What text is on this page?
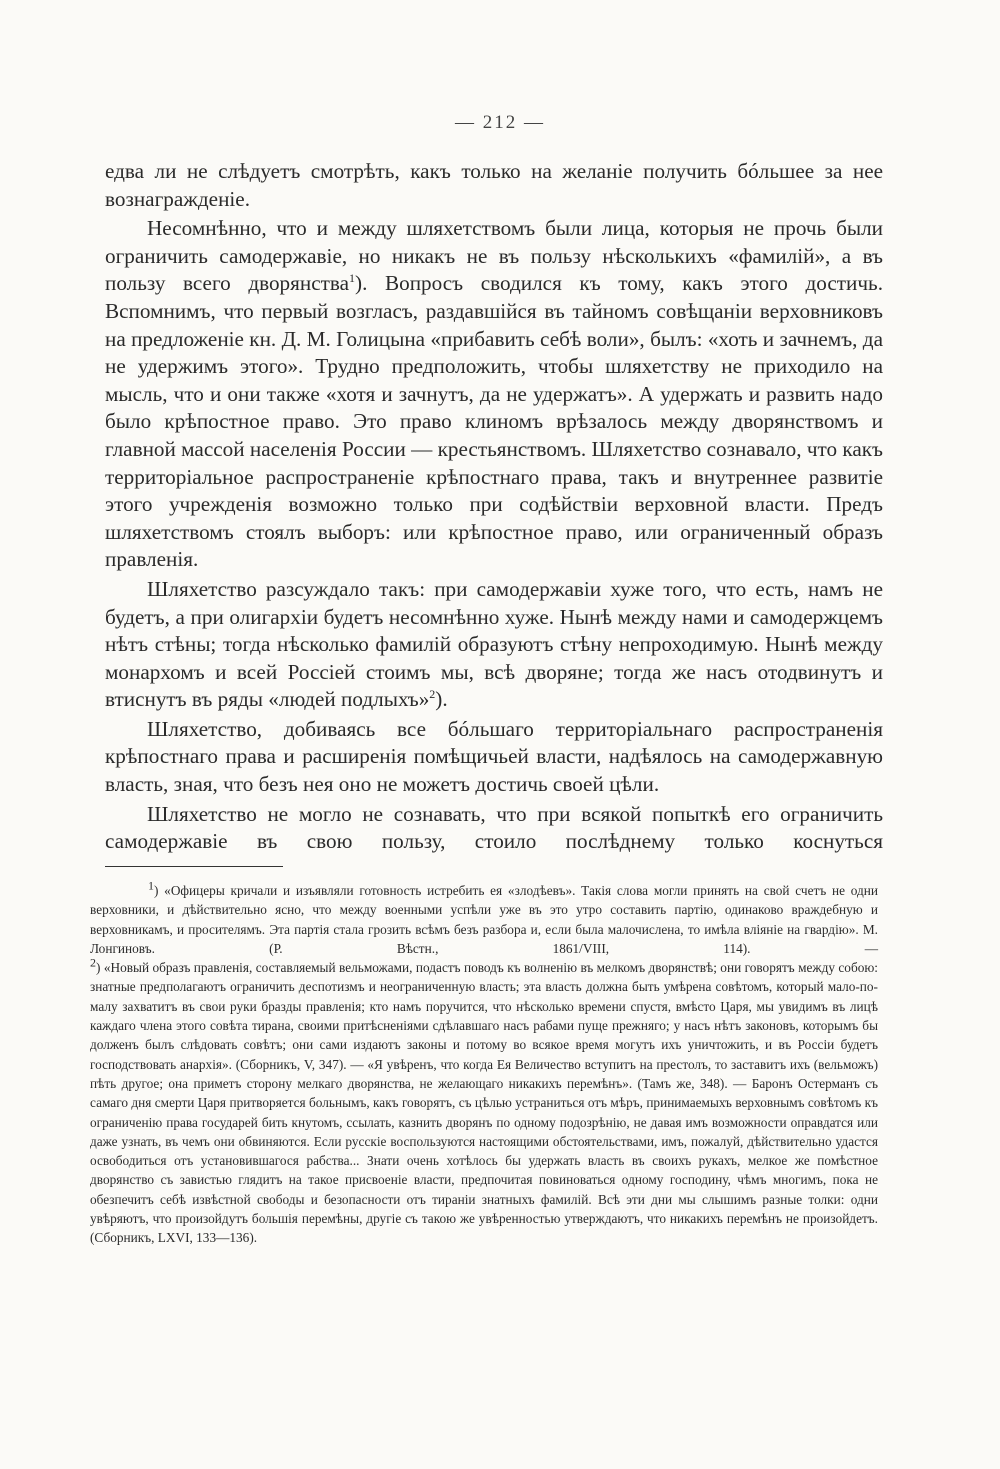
— 212 —

едва ли не слѣдуетъ смотрѣть, какъ только на желаніе получить бóльшее за нее вознагражденіе.

Несомнѣнно, что и между шляхетствомъ были лица, которыя не прочь были ограничить самодержавіе, но никакъ не въ пользу нѣсколькихъ «фамилій», а въ пользу всего дворянства$^1$). Вопросъ сводился къ тому, какъ этого достичь. Вспомнимъ, что первый возгласъ, раздавшійся въ тайномъ совѣщаніи верховниковъ на предложеніе кн. Д. М. Голицына «прибавить себѣ воли», былъ: «хоть и зачнемъ, да не удержимъ этого». Трудно предположить, чтобы шляхетству не приходило на мысль, что и они также «хотя и зачнутъ, да не удержатъ». А удержать и развить надо было крѣпостное право. Это право клиномъ врѣзалось между дворянствомъ и главной массой населенія России — крестьянствомъ. Шляхетство сознавало, что какъ территоріальное распространеніе крѣпостнаго права, такъ и внутреннее развитіе этого учрежденія возможно только при содѣйствіи верховной власти. Предъ шляхетствомъ стоялъ выборъ: или крѣпостное право, или ограниченный образъ правленія.

Шляхетство разсуждало такъ: при самодержавіи хуже того, что есть, намъ не будетъ, а при олигархіи будетъ несомнѣнно хуже. Нынѣ между нами и самодержцемъ нѣтъ стѣны; тогда нѣсколько фамилій образуютъ стѣну непроходимую. Нынѣ между монархомъ и всей Россіей стоимъ мы, всѣ дворяне; тогда же насъ отодвинутъ и втиснутъ въ ряды «людей подлыхъ»$^2$).

Шляхетство, добиваясь все бóльшаго территоріальнаго распространенія крѣпостнаго права и расширенія помѣщичьей власти, надѣялось на самодержавную власть, зная, что безъ нея оно не можетъ достичь своей цѣли.

Шляхетство не могло не сознавать, что при всякой попыткѣ его ограничить самодержавіе въ свою пользу, стоило послѣднему только коснуться

$^1$) «Офицеры кричали и изъявляли готовность истребить ея «злодѣевъ». Такія слова могли принять на свой счетъ не одни верховники, и дѣйствительно ясно, что между военными успѣли уже въ это утро составить партію, одинаково враждебную и верховникамъ, и просителямъ. Эта партія стала грозить всѣмъ безъ разбора и, если была малочислена, то имѣла вліяніе на гвардію». М. Лонгиновъ. (Р. Вѣстн., 1861/VIII, 114). —

$^2$) «Новый образъ правленія, составляемый вельможами, подастъ поводъ къ волненію въ мелкомъ дворянствѣ; они говорятъ между собою: знатные предполагаютъ ограничить деспотизмъ и неограниченную власть; эта власть должна быть умѣрена совѣтомъ, который мало-по-малу захватитъ въ свои руки бразды правленія; кто намъ поручится, что нѣсколько времени спустя, вмѣсто Царя, мы увидимъ въ лицѣ каждаго члена этого совѣта тирана, своими притѣсненіями сдѣлавшаго насъ рабами пуще прежняго; у насъ нѣтъ законовъ, которымъ бы долженъ былъ слѣдовать совѣтъ; они сами издаютъ законы и потому во всякое время могутъ ихъ уничтожить, и въ Россіи будетъ господствовать анархія». (Сборникъ, V, 347). — «Я увѣренъ, что когда Ея Величество вступитъ на престолъ, то заставитъ ихъ (вельможъ) пѣть другое; она приметъ сторону мелкаго дворянства, не желающаго никакихъ перемѣнъ». (Тамъ же, 348). — Баронъ Остерманъ съ самаго дня смерти Царя притворяется больнымъ, какъ говорятъ, съ цѣлью устраниться отъ мѣръ, принимаемыхъ верховнымъ совѣтомъ къ ограниченію права государей бить кнутомъ, ссылать, казнить дворянъ по одному подозрѣнію, не давая имъ возможности оправдатся или даже узнать, въ чемъ они обвиняются. Если русскіе воспользуются настоящими обстоятельствами, имъ, пожалуй, дѣйствительно удастся освободиться отъ установившагося рабства... Знати очень хотѣлось бы удержать власть въ своихъ рукахъ, мелкое же помѣстное дворянство съ завистью глядитъ на такое присвоеніе власти, предпочитая повиноваться одному господину, чѣмъ многимъ, пока не обезпечитъ себѣ извѣстной свободы и безопасности отъ тираніи знатныхъ фамилій. Всѣ эти дни мы слышимъ разные толки: одни увѣряютъ, что произойдутъ большія перемѣны, другіе съ такою же увѣренностью утверждаютъ, что никакихъ перемѣнъ не произойдетъ. (Сборникъ, LXVI, 133—136).
